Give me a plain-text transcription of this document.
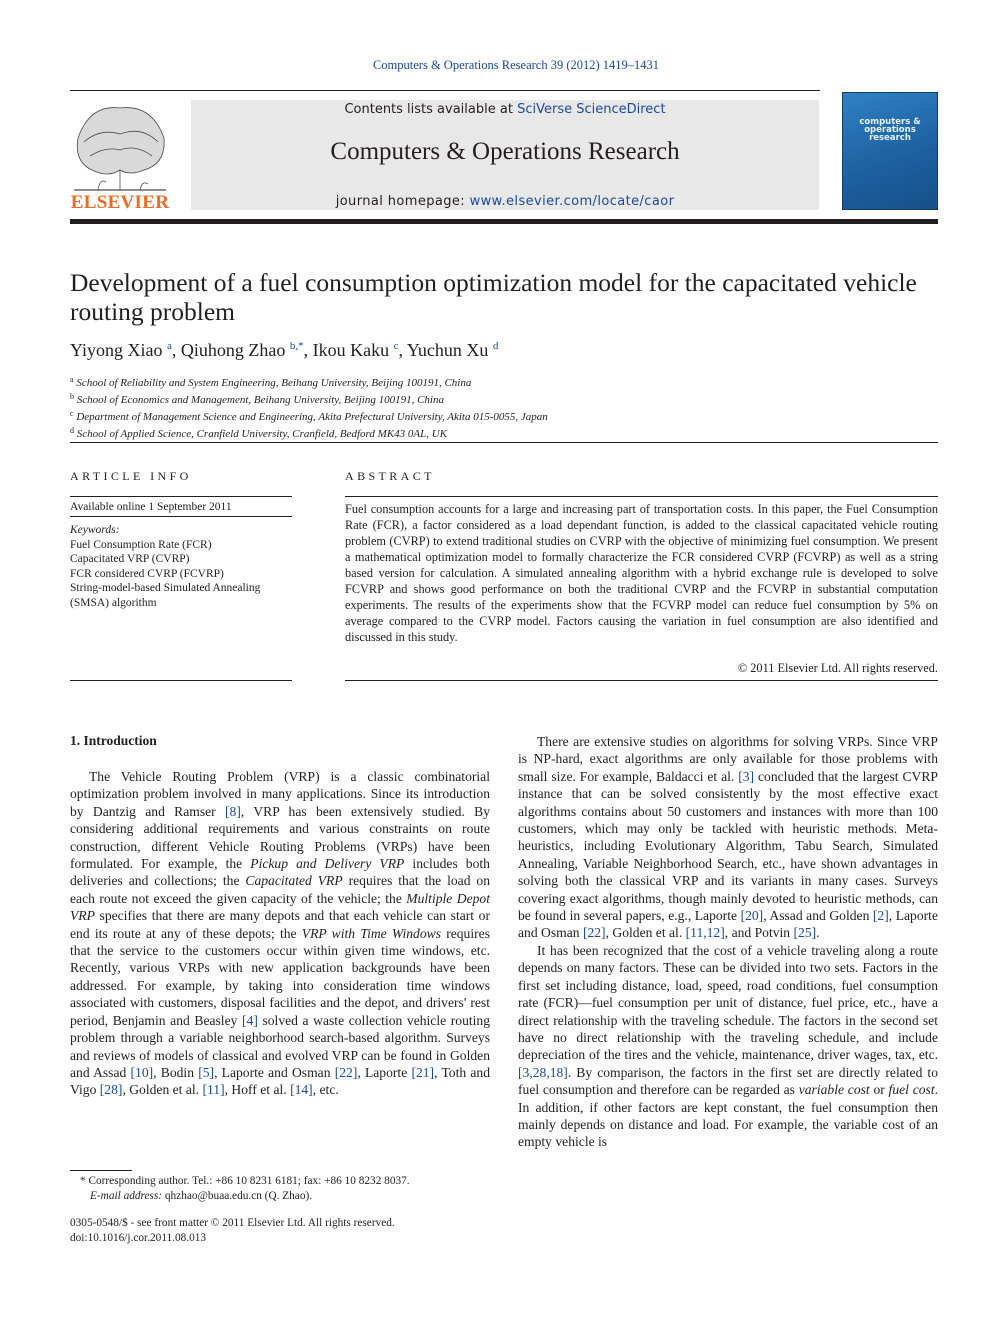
Computers & Operations Research 39 (2012) 1419–1431
ELSEVIER
Contents lists available at SciVerse ScienceDirect
Computers & Operations Research
journal homepage: www.elsevier.com/locate/caor
computers & operations research
Development of a fuel consumption optimization model for the capacitated vehicle routing problem
Yiyong Xiao $^a$, Qiuhong Zhao $^{b,*}$, Ikou Kaku $^c$, Yuchun Xu $^d$
$^a$ School of Reliability and System Engineering, Beihang University, Beijing 100191, China
$^b$ School of Economics and Management, Beihang University, Beijing 100191, China
$^c$ Department of Management Science and Engineering, Akita Prefectural University, Akita 015-0055, Japan
$^d$ School of Applied Science, Cranfield University, Cranfield, Bedford MK43 0AL, UK
ARTICLE INFO
Available online 1 September 2011
Keywords:
Fuel Consumption Rate (FCR)
Capacitated VRP (CVRP)
FCR considered CVRP (FCVRP)
String-model-based Simulated Annealing (SMSA) algorithm
ABSTRACT
Fuel consumption accounts for a large and increasing part of transportation costs. In this paper, the Fuel Consumption Rate (FCR), a factor considered as a load dependant function, is added to the classical capacitated vehicle routing problem (CVRP) to extend traditional studies on CVRP with the objective of minimizing fuel consumption. We present a mathematical optimization model to formally characterize the FCR considered CVRP (FCVRP) as well as a string based version for calculation. A simulated annealing algorithm with a hybrid exchange rule is developed to solve FCVRP and shows good performance on both the traditional CVRP and the FCVRP in substantial computation experiments. The results of the experiments show that the FCVRP model can reduce fuel consumption by 5% on average compared to the CVRP model. Factors causing the variation in fuel consumption are also identified and discussed in this study.
© 2011 Elsevier Ltd. All rights reserved.
1. Introduction

The Vehicle Routing Problem (VRP) is a classic combinatorial optimization problem involved in many applications. Since its introduction by Dantzig and Ramser [8], VRP has been extensively studied. By considering additional requirements and various constraints on route construction, different Vehicle Routing Problems (VRPs) have been formulated. For example, the Pickup and Delivery VRP includes both deliveries and collections; the Capacitated VRP requires that the load on each route not exceed the given capacity of the vehicle; the Multiple Depot VRP specifies that there are many depots and that each vehicle can start or end its route at any of these depots; the VRP with Time Windows requires that the service to the customers occur within given time windows, etc. Recently, various VRPs with new application backgrounds have been addressed. For example, by taking into consideration time windows associated with customers, disposal facilities and the depot, and drivers' rest period, Benjamin and Beasley [4] solved a waste collection vehicle routing problem through a variable neighborhood search-based algorithm. Surveys and reviews of models of classical and evolved VRP can be found in Golden and Assad [10], Bodin [5], Laporte and Osman [22], Laporte [21], Toth and Vigo [28], Golden et al. [11], Hoff et al. [14], etc.

There are extensive studies on algorithms for solving VRPs. Since VRP is NP-hard, exact algorithms are only available for those problems with small size. For example, Baldacci et al. [3] concluded that the largest CVRP instance that can be solved consistently by the most effective exact algorithms contains about 50 customers and instances with more than 100 customers, which may only be tackled with heuristic methods. Meta-heuristics, including Evolutionary Algorithm, Tabu Search, Simulated Annealing, Variable Neighborhood Search, etc., have shown advantages in solving both the classical VRP and its variants in many cases. Surveys covering exact algorithms, though mainly devoted to heuristic methods, can be found in several papers, e.g., Laporte [20], Assad and Golden [2], Laporte and Osman [22], Golden et al. [11,12], and Potvin [25].

It has been recognized that the cost of a vehicle traveling along a route depends on many factors. These can be divided into two sets. Factors in the first set including distance, load, speed, road conditions, fuel consumption rate (FCR)—fuel consumption per unit of distance, fuel price, etc., have a direct relationship with the traveling schedule. The factors in the second set have no direct relationship with the traveling schedule, and include depreciation of the tires and the vehicle, maintenance, driver wages, tax, etc. [3,28,18]. By comparison, the factors in the first set are directly related to fuel consumption and therefore can be regarded as variable cost or fuel cost. In addition, if other factors are kept constant, the fuel consumption then mainly depends on distance and load. For example, the variable cost of an empty vehicle is

* Corresponding author. Tel.: +86 10 8231 6181; fax: +86 10 8232 8037.
E-mail address: qhzhao@buaa.edu.cn (Q. Zhao).
0305-0548/$ - see front matter © 2011 Elsevier Ltd. All rights reserved.
doi:10.1016/j.cor.2011.08.013
